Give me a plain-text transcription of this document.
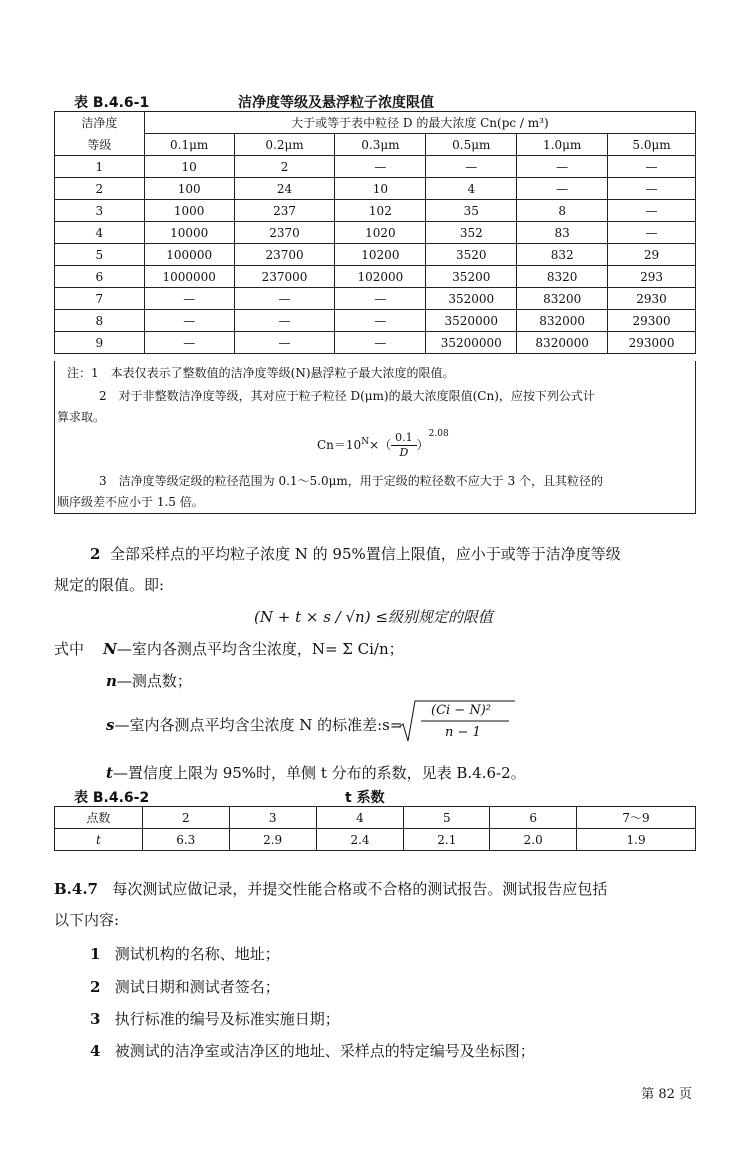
表 B.4.6-1	洁净度等级及悬浮粒子浓度限值
洁净度	大于或等于表中粒径 D 的最大浓度 Cn(pc / m³)					
等级	0.1μm	0.2μm	0.3μm	0.5μm	1.0μm	5.0μm
1	10	2	—	—	—	—
2	100	24	10	4	—	—
3	1000	237	102	35	8	—
4	10000	2370	1020	352	83	—
5	100000	23700	10200	3520	832	29
6	1000000	237000	102000	35200	8320	293
7	—	—	—	352000	83200	2930
8	—	—	—	3520000	832000	29300
9	—	—	—	35200000	8320000	293000
注：1　本表仅表示了整数值的洁净度等级(N)悬浮粒子最大浓度的限值。
2　对于非整数洁净度等级，其对应于粒子粒径 D(μm)的最大浓度限值(Cn)，应按下列公式计
算求取。
$Cn=10^N\times( \frac{0.1}{D} )^{2.08}$
3　洁净度等级定级的粒径范围为 0.1～5.0μm，用于定级的粒径数不应大于 3 个，且其粒径的
顺序级差不应小于 1.5 倍。
2 全部采样点的平均粒子浓度 N 的 95%置信上限值，应小于或等于洁净度等级
规定的限值。即:
(N + t × s / √n) ≤级别规定的限值
式中 N—室内各测点平均含尘浓度，N= Σ Ci/n；
n—测点数；
s—室内各测点平均含尘浓度 N 的标准差:s=
(Ci − N)²
n − 1
t—置信度上限为 95%时，单侧 t 分布的系数，见表 B.4.6-2。
表 B.4.6-2	t 系数
点数	2	3	4	5	6	7～9
t	6.3	2.9	2.4	2.1	2.0	1.9
B.4.7 每次测试应做记录，并提交性能合格或不合格的测试报告。测试报告应包括
以下内容:
1 测试机构的名称、地址；
2 测试日期和测试者签名；
3 执行标准的编号及标准实施日期；
4 被测试的洁净室或洁净区的地址、采样点的特定编号及坐标图；
第 82 页
